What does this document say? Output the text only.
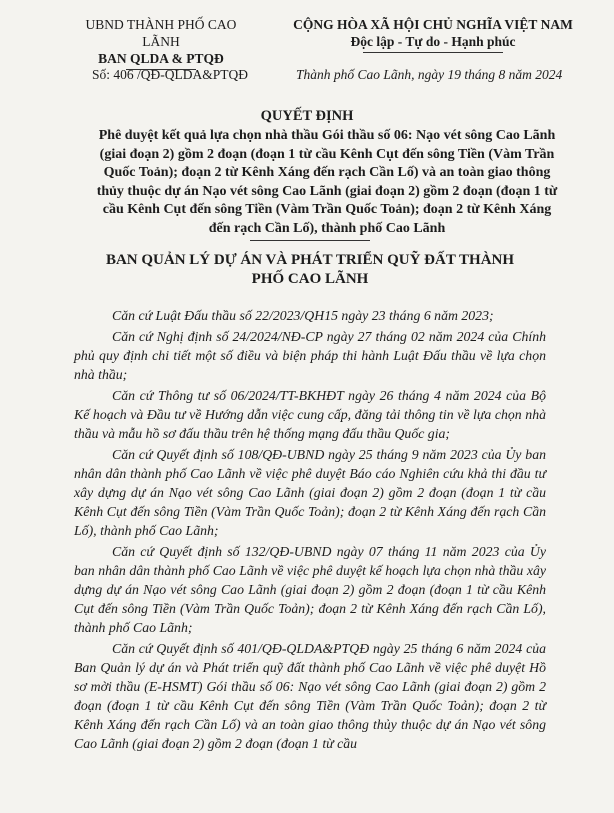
UBND THÀNH PHỐ CAO LÃNH
BAN QLDA & PTQĐ
CỘNG HÒA XÃ HỘI CHỦ NGHĨA VIỆT NAM
Độc lập - Tự do - Hạnh phúc
Số: 406 /QĐ-QLDA&PTQĐ	Thành phố Cao Lãnh, ngày 19 tháng 8 năm 2024
QUYẾT ĐỊNH
Phê duyệt kết quả lựa chọn nhà thầu Gói thầu số 06: Nạo vét sông Cao Lãnh (giai đoạn 2) gồm 2 đoạn (đoạn 1 từ cầu Kênh Cụt đến sông Tiền (Vàm Trần Quốc Toản); đoạn 2 từ Kênh Xáng đến rạch Cần Lố) và an toàn giao thông thủy thuộc dự án Nạo vét sông Cao Lãnh (giai đoạn 2) gồm 2 đoạn (đoạn 1 từ cầu Kênh Cụt đến sông Tiền (Vàm Trần Quốc Toản); đoạn 2 từ Kênh Xáng đến rạch Cần Lố), thành phố Cao Lãnh
BAN QUẢN LÝ DỰ ÁN VÀ PHÁT TRIỂN QUỸ ĐẤT THÀNH PHỐ CAO LÃNH

Căn cứ Luật Đấu thầu số 22/2023/QH15 ngày 23 tháng 6 năm 2023;

Căn cứ Nghị định số 24/2024/NĐ-CP ngày 27 tháng 02 năm 2024 của Chính phủ quy định chi tiết một số điều và biện pháp thi hành Luật Đấu thầu về lựa chọn nhà thầu;

Căn cứ Thông tư số 06/2024/TT-BKHĐT ngày 26 tháng 4 năm 2024 của Bộ Kế hoạch và Đầu tư về Hướng dẫn việc cung cấp, đăng tải thông tin về lựa chọn nhà thầu và mẫu hồ sơ đấu thầu trên hệ thống mạng đấu thầu Quốc gia;

Căn cứ Quyết định số 108/QĐ-UBND ngày 25 tháng 9 năm 2023 của Ủy ban nhân dân thành phố Cao Lãnh về việc phê duyệt Báo cáo Nghiên cứu khả thi đầu tư xây dựng dự án Nạo vét sông Cao Lãnh (giai đoạn 2) gồm 2 đoạn (đoạn 1 từ cầu Kênh Cụt đến sông Tiền (Vàm Trần Quốc Toản); đoạn 2 từ Kênh Xáng đến rạch Cần Lố), thành phố Cao Lãnh;

Căn cứ Quyết định số 132/QĐ-UBND ngày 07 tháng 11 năm 2023 của Ủy ban nhân dân thành phố Cao Lãnh về việc phê duyệt kế hoạch lựa chọn nhà thầu xây dựng dự án Nạo vét sông Cao Lãnh (giai đoạn 2) gồm 2 đoạn (đoạn 1 từ cầu Kênh Cụt đến sông Tiền (Vàm Trần Quốc Toản); đoạn 2 từ Kênh Xáng đến rạch Cần Lố), thành phố Cao Lãnh;

Căn cứ Quyết định số 401/QĐ-QLDA&PTQĐ ngày 25 tháng 6 năm 2024 của Ban Quản lý dự án và Phát triển quỹ đất thành phố Cao Lãnh về việc phê duyệt Hồ sơ mời thầu (E-HSMT) Gói thầu số 06: Nạo vét sông Cao Lãnh (giai đoạn 2) gồm 2 đoạn (đoạn 1 từ cầu Kênh Cụt đến sông Tiền (Vàm Trần Quốc Toản); đoạn 2 từ Kênh Xáng đến rạch Cần Lố) và an toàn giao thông thủy thuộc dự án Nạo vét sông Cao Lãnh (giai đoạn 2) gồm 2 đoạn (đoạn 1 từ cầu
